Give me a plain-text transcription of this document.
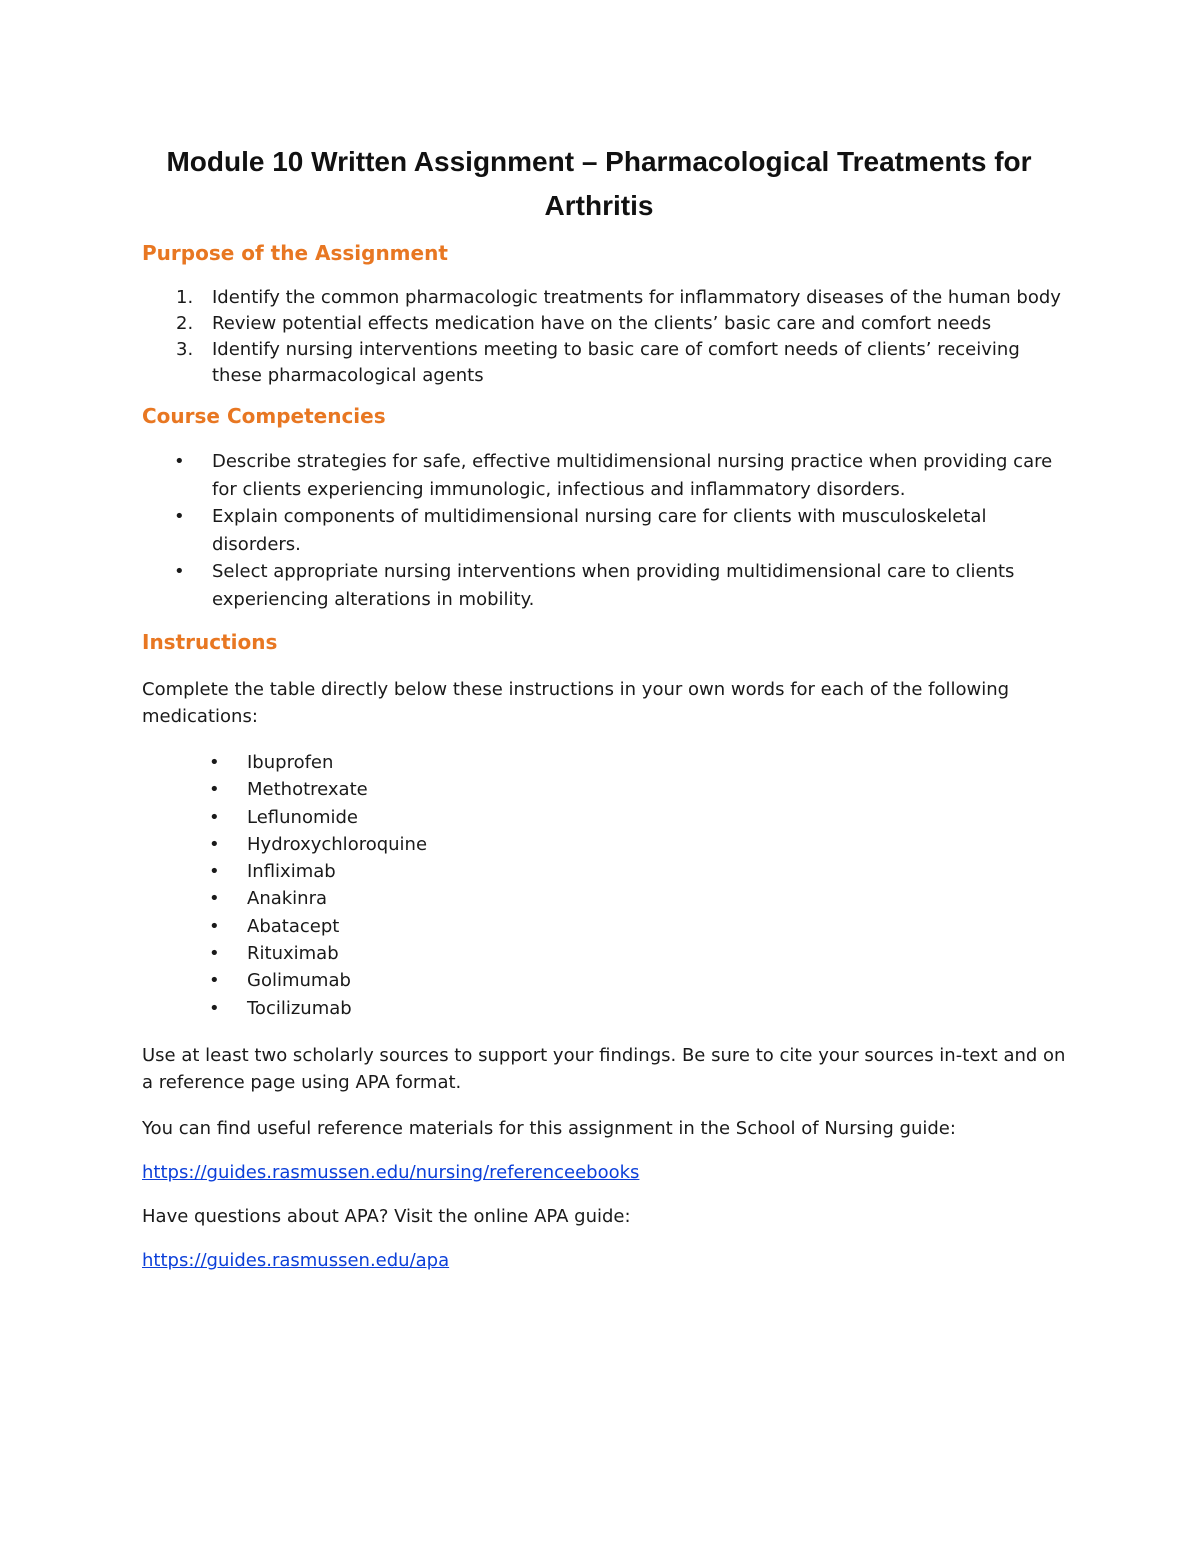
Module 10 Written Assignment – Pharmacological Treatments for
Arthritis
Purpose of the Assignment
1. Identify the common pharmacologic treatments for inflammatory diseases of the human body
2. Review potential effects medication have on the clients’ basic care and comfort needs
3. Identify nursing interventions meeting to basic care of comfort needs of clients’ receiving these pharmacological agents
Course Competencies
• Describe strategies for safe, effective multidimensional nursing practice when providing care for clients experiencing immunologic, infectious and inflammatory disorders.
• Explain components of multidimensional nursing care for clients with musculoskeletal disorders.
• Select appropriate nursing interventions when providing multidimensional care to clients experiencing alterations in mobility.
Instructions

Complete the table directly below these instructions in your own words for each of the following medications:

• Ibuprofen
• Methotrexate
• Leflunomide
• Hydroxychloroquine
• Infliximab
• Anakinra
• Abatacept
• Rituximab
• Golimumab
• Tocilizumab

Use at least two scholarly sources to support your findings. Be sure to cite your sources in-text and on a reference page using APA format.

You can find useful reference materials for this assignment in the School of Nursing guide:

https://guides.rasmussen.edu/nursing/referenceebooks

Have questions about APA? Visit the online APA guide:

https://guides.rasmussen.edu/apa
